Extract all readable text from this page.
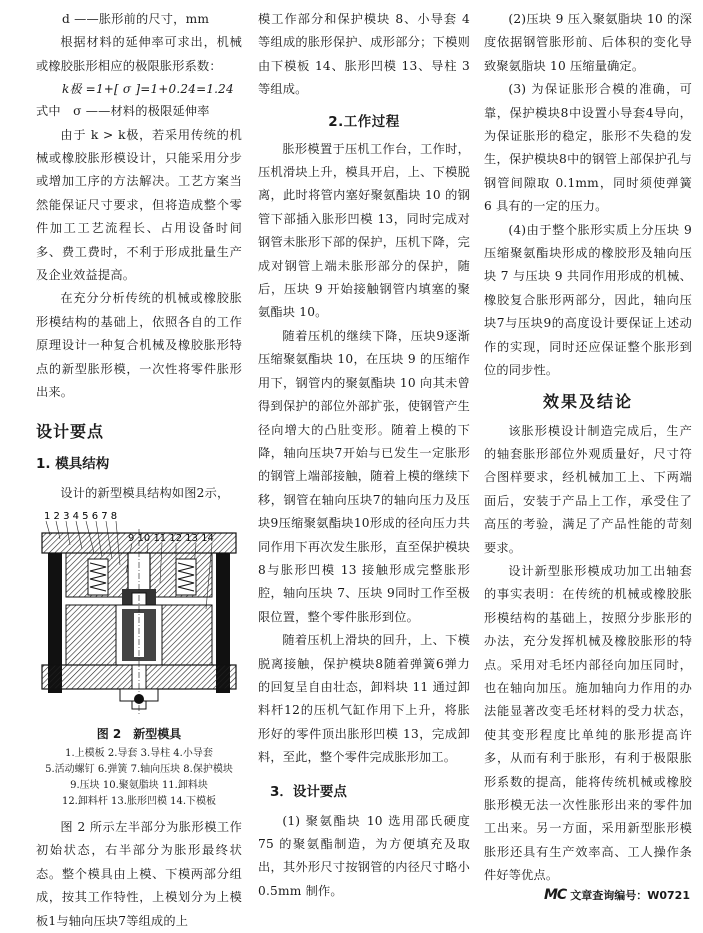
d ——胀形前的尺寸，mm

根据材料的延伸率可求出，机械或橡胶胀形相应的极限胀形系数：

k极 =1+[ σ ]=1+0.24=1.24

式中　σ ——材料的极限延伸率

由于 k > k极，若采用传统的机械或橡胶胀形模设计，只能采用分步或增加工序的方法解决。工艺方案当然能保证尺寸要求，但将造成整个零件加工工艺流程长、占用设备时间多、费工费时，不利于形成批量生产及企业效益提高。

在充分分析传统的机械或橡胶胀形模结构的基础上，依照各自的工作原理设计一种复合机械及橡胶胀形特点的新型胀形模，一次性将零件胀形出来。

设计要点
1. 模具结构

设计的新型模具结构如图2示，

1 2 3 4 5 6 7 8
图 2　新型模具
1.上模板 2.导套 3.导柱 4.小导套
5.活动螺钉 6.弹簧 7.轴向压块 8.保护模块
9.压块 10.聚氨脂块 11.卸料块
12.卸料杆 13.胀形凹模 14.下模板

图 2 所示左半部分为胀形模工作初始状态，右半部分为胀形最终状态。整个模具由上模、下模两部分组成，按其工作特性，上模划分为上模板1与轴向压块7等组成的上

模工作部分和保护模块 8、小导套 4 等组成的胀形保护、成形部分；下模则由下模板 14、胀形凹模 13、导柱 3 等组成。

2.工作过程

胀形模置于压机工作台，工作时，压机滑块上升，模具开启，上、下模脱离，此时将管内塞好聚氨酯块 10 的钢管下部插入胀形凹模 13，同时完成对钢管未胀形下部的保护，压机下降，完成对钢管上端未胀形部分的保护，随后，压块 9 开始接触钢管内填塞的聚氨酯块 10。

随着压机的继续下降，压块9逐渐压缩聚氨酯块 10，在压块 9 的压缩作用下，钢管内的聚氨酯块 10 向其未曾得到保护的部位外部扩张，使钢管产生径向增大的凸肚变形。随着上模的下降，轴向压块7开始与已发生一定胀形的钢管上端部接触，随着上模的继续下移，钢管在轴向压块7的轴向压力及压块9压缩聚氨酯块10形成的径向压力共同作用下再次发生胀形，直至保护模块8与胀形凹模 13 接触形成完整胀形腔，轴向压块 7、压块 9同时工作至极限位置，整个零件胀形到位。

随着压机上滑块的回升，上、下模脱离接触，保护模块8随着弹簧6弹力的回复呈自由壮态，卸料块 11 通过卸料杆12的压机气缸作用下上升，将胀形好的零件顶出胀形凹模 13，完成卸料，至此，整个零件完成胀形加工。

3．设计要点

(1) 聚氨酯块 10 选用邵氏硬度 75 的聚氨酯制造，为方便填充及取出，其外形尺寸按钢管的内径尺寸略小 0.5mm 制作。

(2)压块 9 压入聚氨脂块 10 的深度依据钢管胀形前、后体积的变化导致聚氨脂块 10 压缩量确定。

(3) 为保证胀形合模的准确，可靠，保护模块8中设置小导套4导向，为保证胀形的稳定，胀形不失稳的发生，保护模块8中的钢管上部保护孔与钢管间隙取 0.1mm，同时须使弹簧 6 具有的一定的压力。

(4)由于整个胀形实质上分压块 9 压缩聚氨酯块形成的橡胶形及轴向压块 7 与压块 9 共同作用形成的机械、橡胶复合胀形两部分，因此，轴向压块7与压块9的高度设计要保证上述动作的实现，同时还应保证整个胀形到位的同步性。

效果及结论

该胀形模设计制造完成后，生产的轴套胀形部位外观质量好，尺寸符合图样要求，经机械加工上、下两端面后，安装于产品上工作，承受住了高压的考验，满足了产品性能的苛刻要求。

设计新型胀形模成功加工出轴套的事实表明：在传统的机械或橡胶胀形模结构的基础上，按照分步胀形的办法，充分发挥机械及橡胶胀形的特点。采用对毛坯内部径向加压同时，也在轴向加压。施加轴向力作用的办法能显著改变毛坯材料的受力状态，使其变形程度比单纯的胀形提高许多，从而有利于胀形，有利于极限胀形系数的提高，能将传统机械或橡胶胀形模无法一次性胀形出来的零件加工出来。另一方面，采用新型胀形模胀形还具有生产效率高、工人操作条件好等优点。

MC 文章查询编号：W0721
